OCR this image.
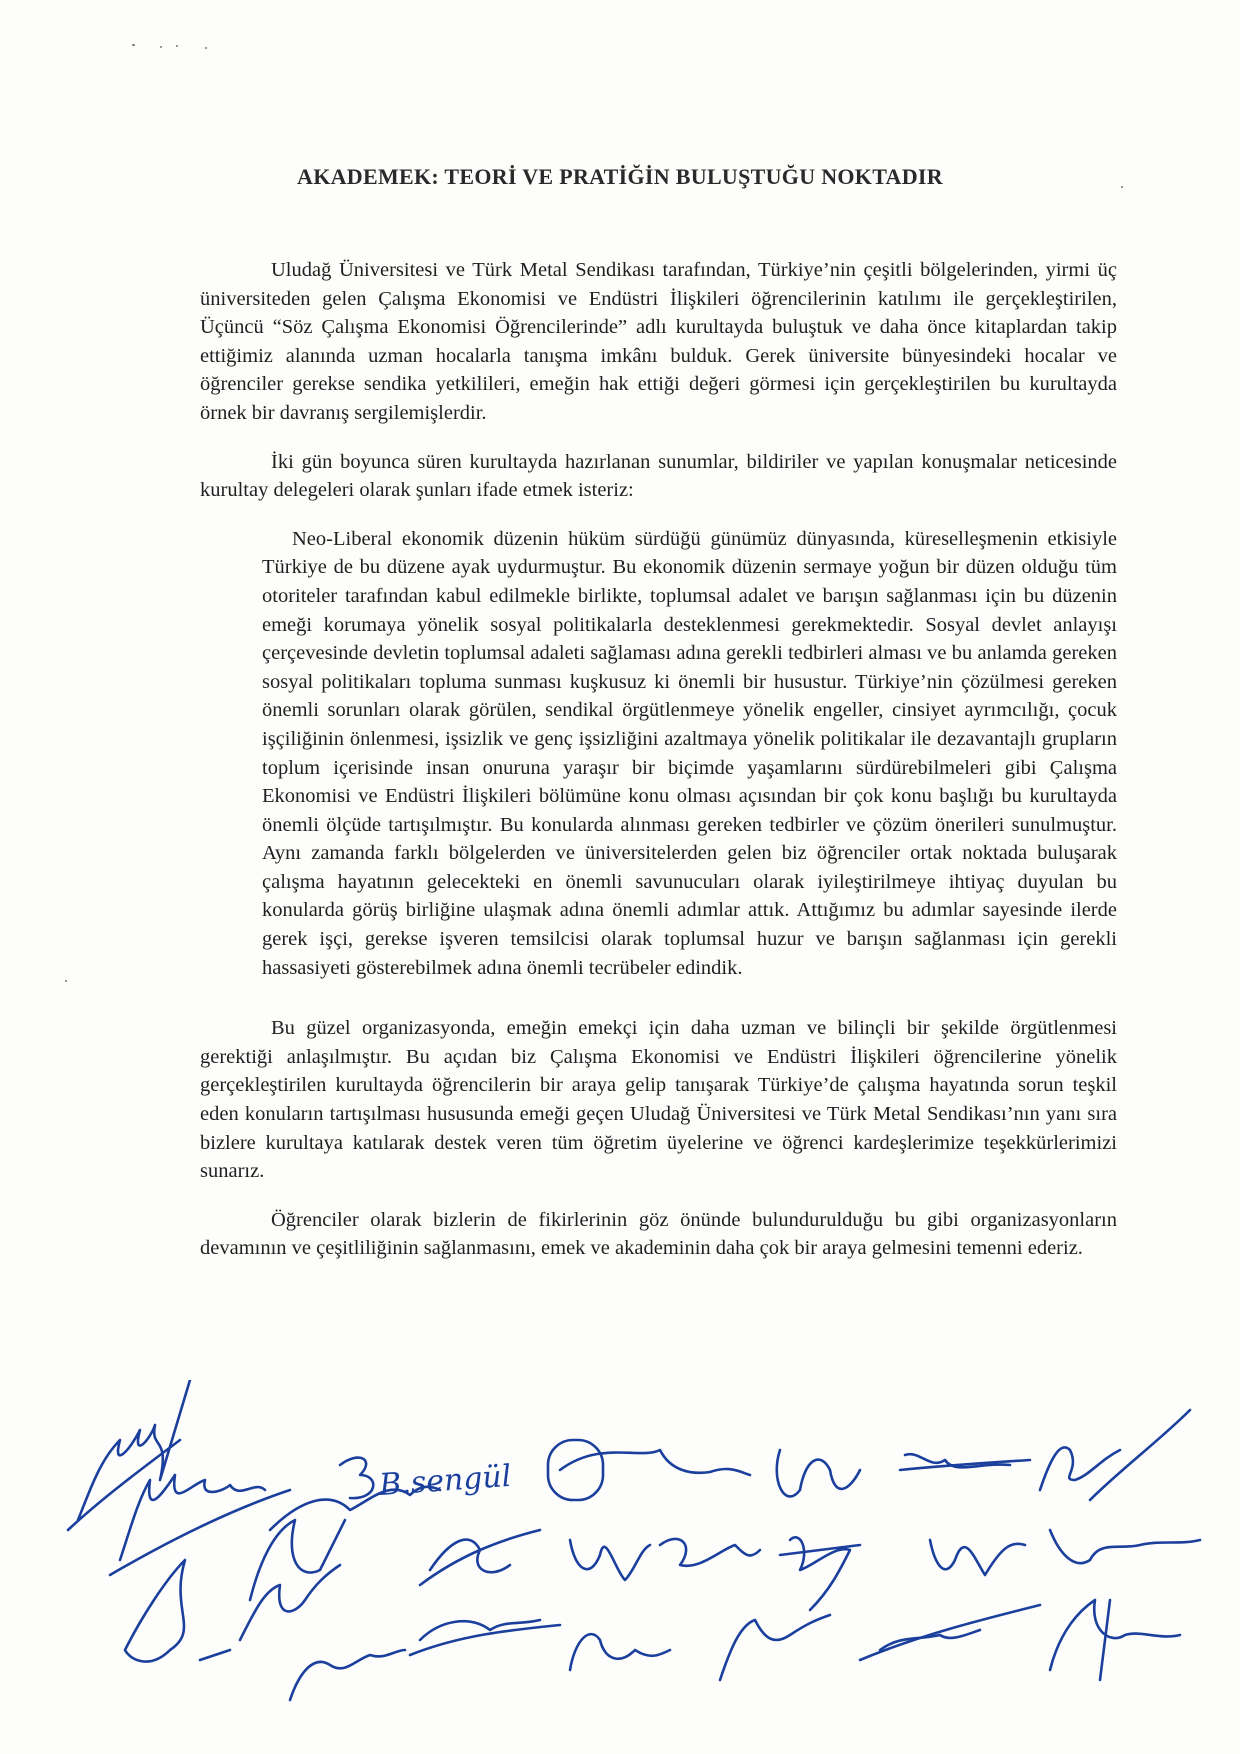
AKADEMEK: TEORİ VE PRATİĞİN BULUŞTUĞU NOKTADIR

Uludağ Üniversitesi ve Türk Metal Sendikası tarafından, Türkiye’nin çeşitli bölgelerinden, yirmi üç üniversiteden gelen Çalışma Ekonomisi ve Endüstri İlişkileri öğrencilerinin katılımı ile gerçekleştirilen, Üçüncü “Söz Çalışma Ekonomisi Öğrencilerinde” adlı kurultayda buluştuk ve daha önce kitaplardan takip ettiğimiz alanında uzman hocalarla tanışma imkânı bulduk. Gerek üniversite bünyesindeki hocalar ve öğrenciler gerekse sendika yetkilileri, emeğin hak ettiği değeri görmesi için gerçekleştirilen bu kurultayda örnek bir davranış sergilemişlerdir.

İki gün boyunca süren kurultayda hazırlanan sunumlar, bildiriler ve yapılan konuşmalar neticesinde kurultay delegeleri olarak şunları ifade etmek isteriz:

Neo-Liberal ekonomik düzenin hüküm sürdüğü günümüz dünyasında, küreselleşmenin etkisiyle Türkiye de bu düzene ayak uydurmuştur. Bu ekonomik düzenin sermaye yoğun bir düzen olduğu tüm otoriteler tarafından kabul edilmekle birlikte, toplumsal adalet ve barışın sağlanması için bu düzenin emeği korumaya yönelik sosyal politikalarla desteklenmesi gerekmektedir. Sosyal devlet anlayışı çerçevesinde devletin toplumsal adaleti sağlaması adına gerekli tedbirleri alması ve bu anlamda gereken sosyal politikaları topluma sunması kuşkusuz ki önemli bir husustur. Türkiye’nin çözülmesi gereken önemli sorunları olarak görülen, sendikal örgütlenmeye yönelik engeller, cinsiyet ayrımcılığı, çocuk işçiliğinin önlenmesi, işsizlik ve genç işsizliğini azaltmaya yönelik politikalar ile dezavantajlı grupların toplum içerisinde insan onuruna yaraşır bir biçimde yaşamlarını sürdürebilmeleri gibi Çalışma Ekonomisi ve Endüstri İlişkileri bölümüne konu olması açısından bir çok konu başlığı bu kurultayda önemli ölçüde tartışılmıştır. Bu konularda alınması gereken tedbirler ve çözüm önerileri sunulmuştur. Aynı zamanda farklı bölgelerden ve üniversitelerden gelen biz öğrenciler ortak noktada buluşarak çalışma hayatının gelecekteki en önemli savunucuları olarak iyileştirilmeye ihtiyaç duyulan bu konularda görüş birliğine ulaşmak adına önemli adımlar attık. Attığımız bu adımlar sayesinde ilerde gerek işçi, gerekse işveren temsilcisi olarak toplumsal huzur ve barışın sağlanması için gerekli hassasiyeti gösterebilmek adına önemli tecrübeler edindik.

Bu güzel organizasyonda, emeğin emekçi için daha uzman ve bilinçli bir şekilde örgütlenmesi gerektiği anlaşılmıştır. Bu açıdan biz Çalışma Ekonomisi ve Endüstri İlişkileri öğrencilerine yönelik gerçekleştirilen kurultayda öğrencilerin bir araya gelip tanışarak Türkiye’de çalışma hayatında sorun teşkil eden konuların tartışılması hususunda emeği geçen Uludağ Üniversitesi ve Türk Metal Sendikası’nın yanı sıra bizlere kurultaya katılarak destek veren tüm öğretim üyelerine ve öğrenci kardeşlerimize teşekkürlerimizi sunarız.

Öğrenciler olarak bizlerin de fikirlerinin göz önünde bulundurulduğu bu gibi organizasyonların devamının ve çeşitliliğinin sağlanmasını, emek ve akademinin daha çok bir araya gelmesini temenni ederiz.

B.sengül
